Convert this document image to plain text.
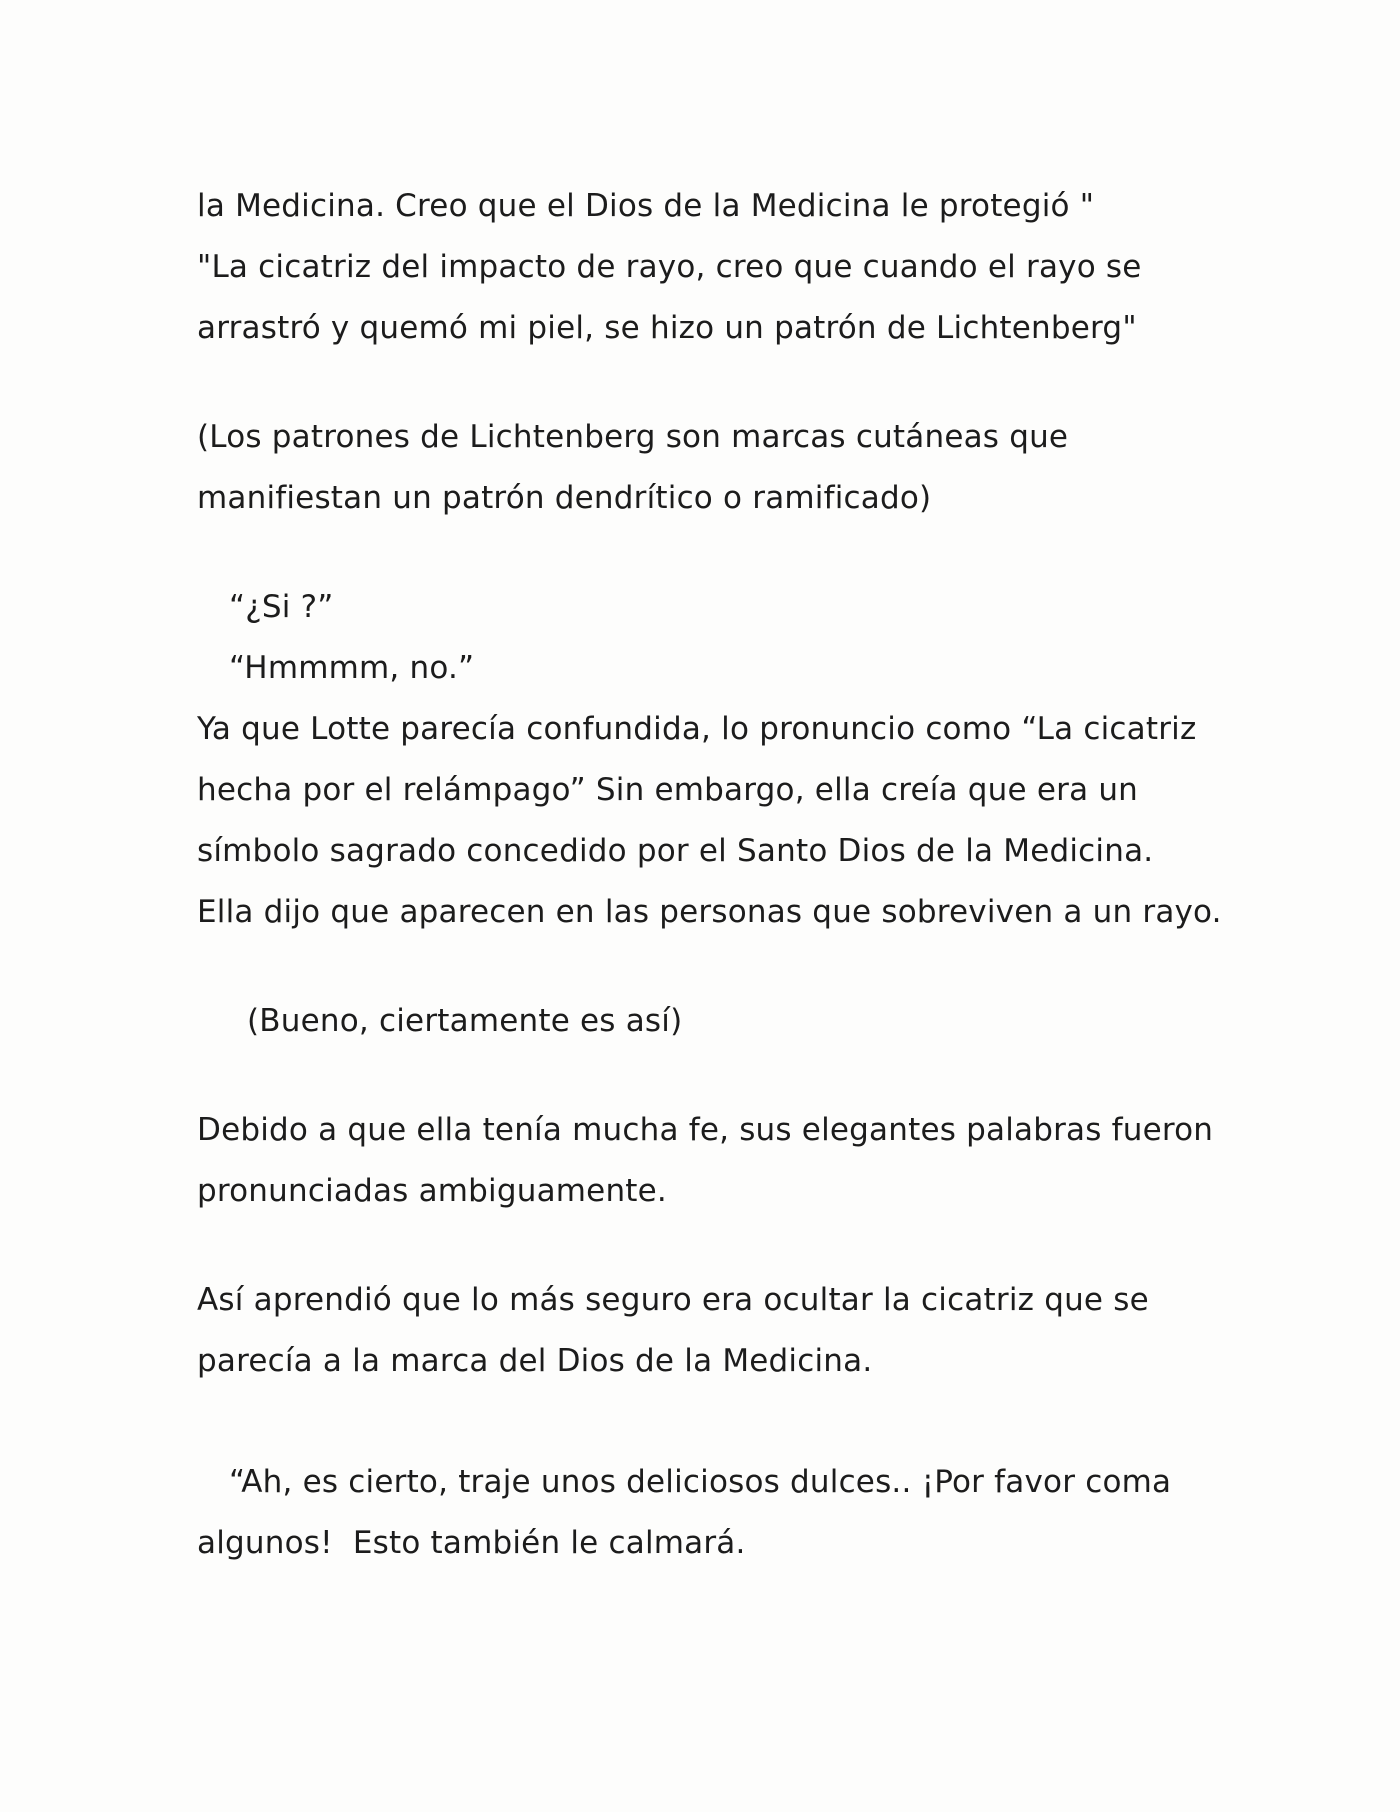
la Medicina. Creo que el Dios de la Medicina le protegió "
"La cicatriz del impacto de rayo, creo que cuando el rayo se
arrastró y quemó mi piel, se hizo un patrón de Lichtenberg"
(Los patrones de Lichtenberg son marcas cutáneas que
manifiestan un patrón dendrítico o ramificado)
“¿Si ?”
“Hmmmm, no.”
Ya que Lotte parecía confundida, lo pronuncio como “La cicatriz
hecha por el relámpago” Sin embargo, ella creía que era un
símbolo sagrado concedido por el Santo Dios de la Medicina.
Ella dijo que aparecen en las personas que sobreviven a un rayo.
(Bueno, ciertamente es así)
Debido a que ella tenía mucha fe, sus elegantes palabras fueron
pronunciadas ambiguamente.
Así aprendió que lo más seguro era ocultar la cicatriz que se
parecía a la marca del Dios de la Medicina.
“Ah, es cierto, traje unos deliciosos dulces.. ¡Por favor coma
algunos!  Esto también le calmará.
